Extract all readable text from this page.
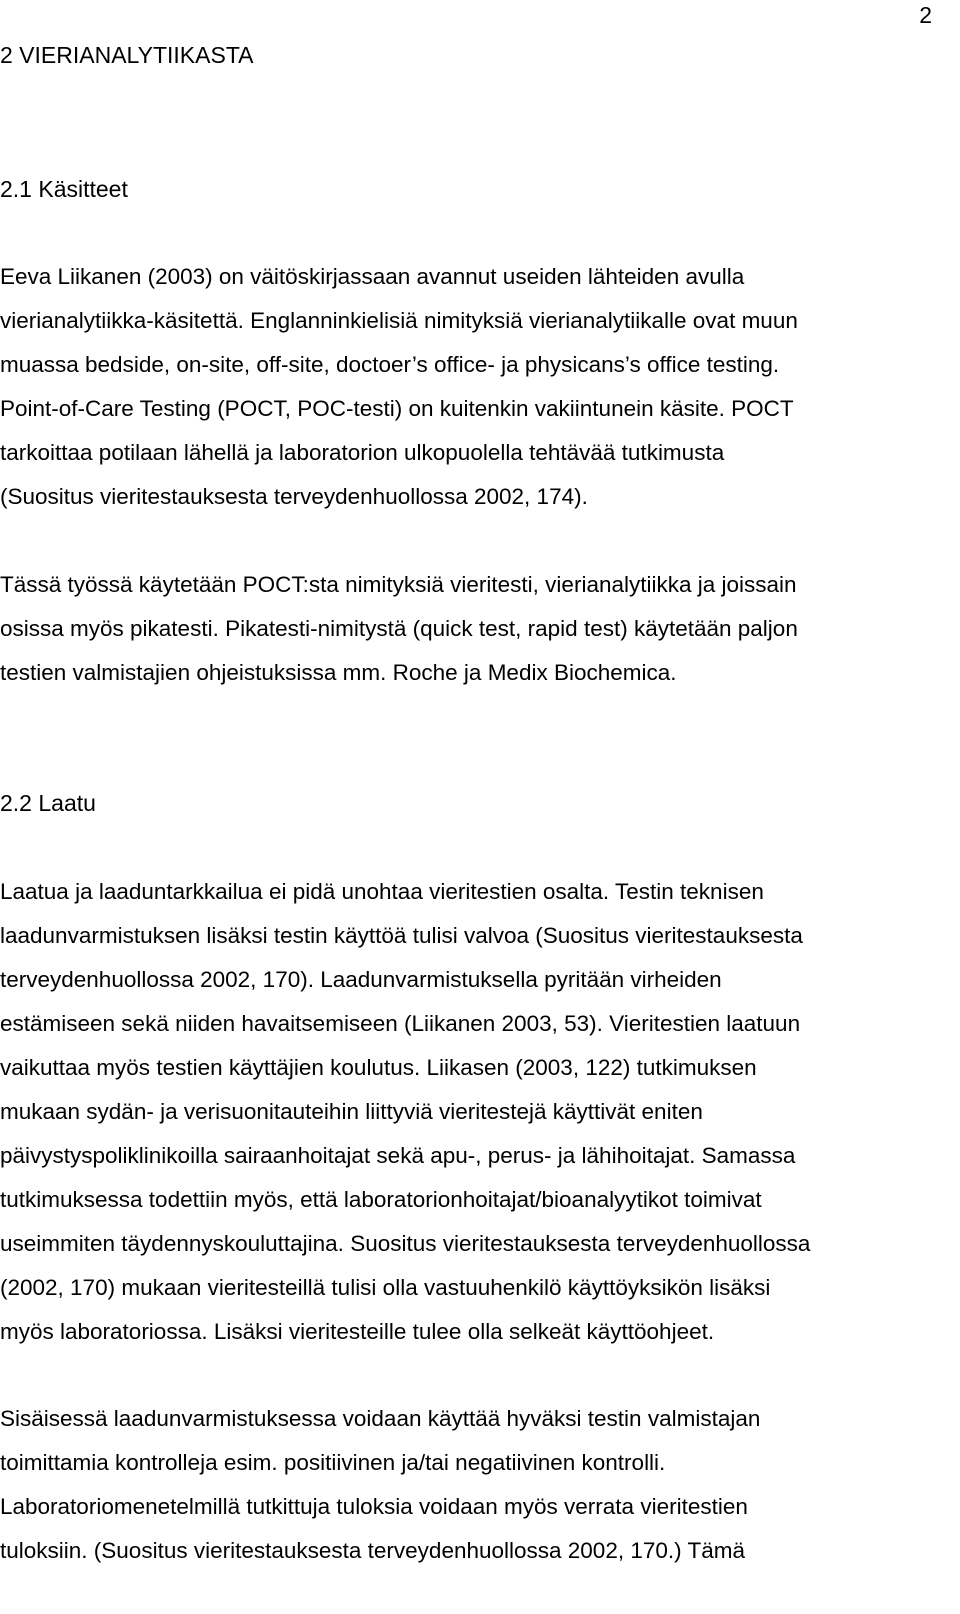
2
2 VIERIANALYTIIKASTA
2.1 Käsitteet
Eeva Liikanen (2003) on väitöskirjassaan avannut useiden lähteiden avulla
vierianalytiikka-käsitettä. Englanninkielisiä nimityksiä vierianalytiikalle ovat muun
muassa bedside, on-site, off-site, doctoer’s office- ja physicans’s office testing.
Point-of-Care Testing (POCT, POC-testi) on kuitenkin vakiintunein käsite. POCT
tarkoittaa potilaan lähellä ja laboratorion ulkopuolella tehtävää tutkimusta
(Suositus vieritestauksesta terveydenhuollossa 2002, 174).
Tässä työssä käytetään POCT:sta nimityksiä vieritesti, vierianalytiikka ja joissain
osissa myös pikatesti. Pikatesti-nimitystä (quick test, rapid test) käytetään paljon
testien valmistajien ohjeistuksissa mm. Roche ja Medix Biochemica.
2.2 Laatu
Laatua ja laaduntarkkailua ei pidä unohtaa vieritestien osalta. Testin teknisen
laadunvarmistuksen lisäksi testin käyttöä tulisi valvoa (Suositus vieritestauksesta
terveydenhuollossa 2002, 170). Laadunvarmistuksella pyritään virheiden
estämiseen sekä niiden havaitsemiseen (Liikanen 2003, 53). Vieritestien laatuun
vaikuttaa myös testien käyttäjien koulutus. Liikasen (2003, 122) tutkimuksen
mukaan sydän- ja verisuonitauteihin liittyviä vieritestejä käyttivät eniten
päivystyspoliklinikoilla sairaanhoitajat sekä apu-, perus- ja lähihoitajat. Samassa
tutkimuksessa todettiin myös, että laboratorionhoitajat/bioanalyytikot toimivat
useimmiten täydennyskouluttajina. Suositus vieritestauksesta terveydenhuollossa
(2002, 170) mukaan vieritesteillä tulisi olla vastuuhenkilö käyttöyksikön lisäksi
myös laboratoriossa. Lisäksi vieritesteille tulee olla selkeät käyttöohjeet.
Sisäisessä laadunvarmistuksessa voidaan käyttää hyväksi testin valmistajan
toimittamia kontrolleja esim. positiivinen ja/tai negatiivinen kontrolli.
Laboratoriomenetelmillä tutkittuja tuloksia voidaan myös verrata vieritestien
tuloksiin. (Suositus vieritestauksesta terveydenhuollossa 2002, 170.) Tämä
